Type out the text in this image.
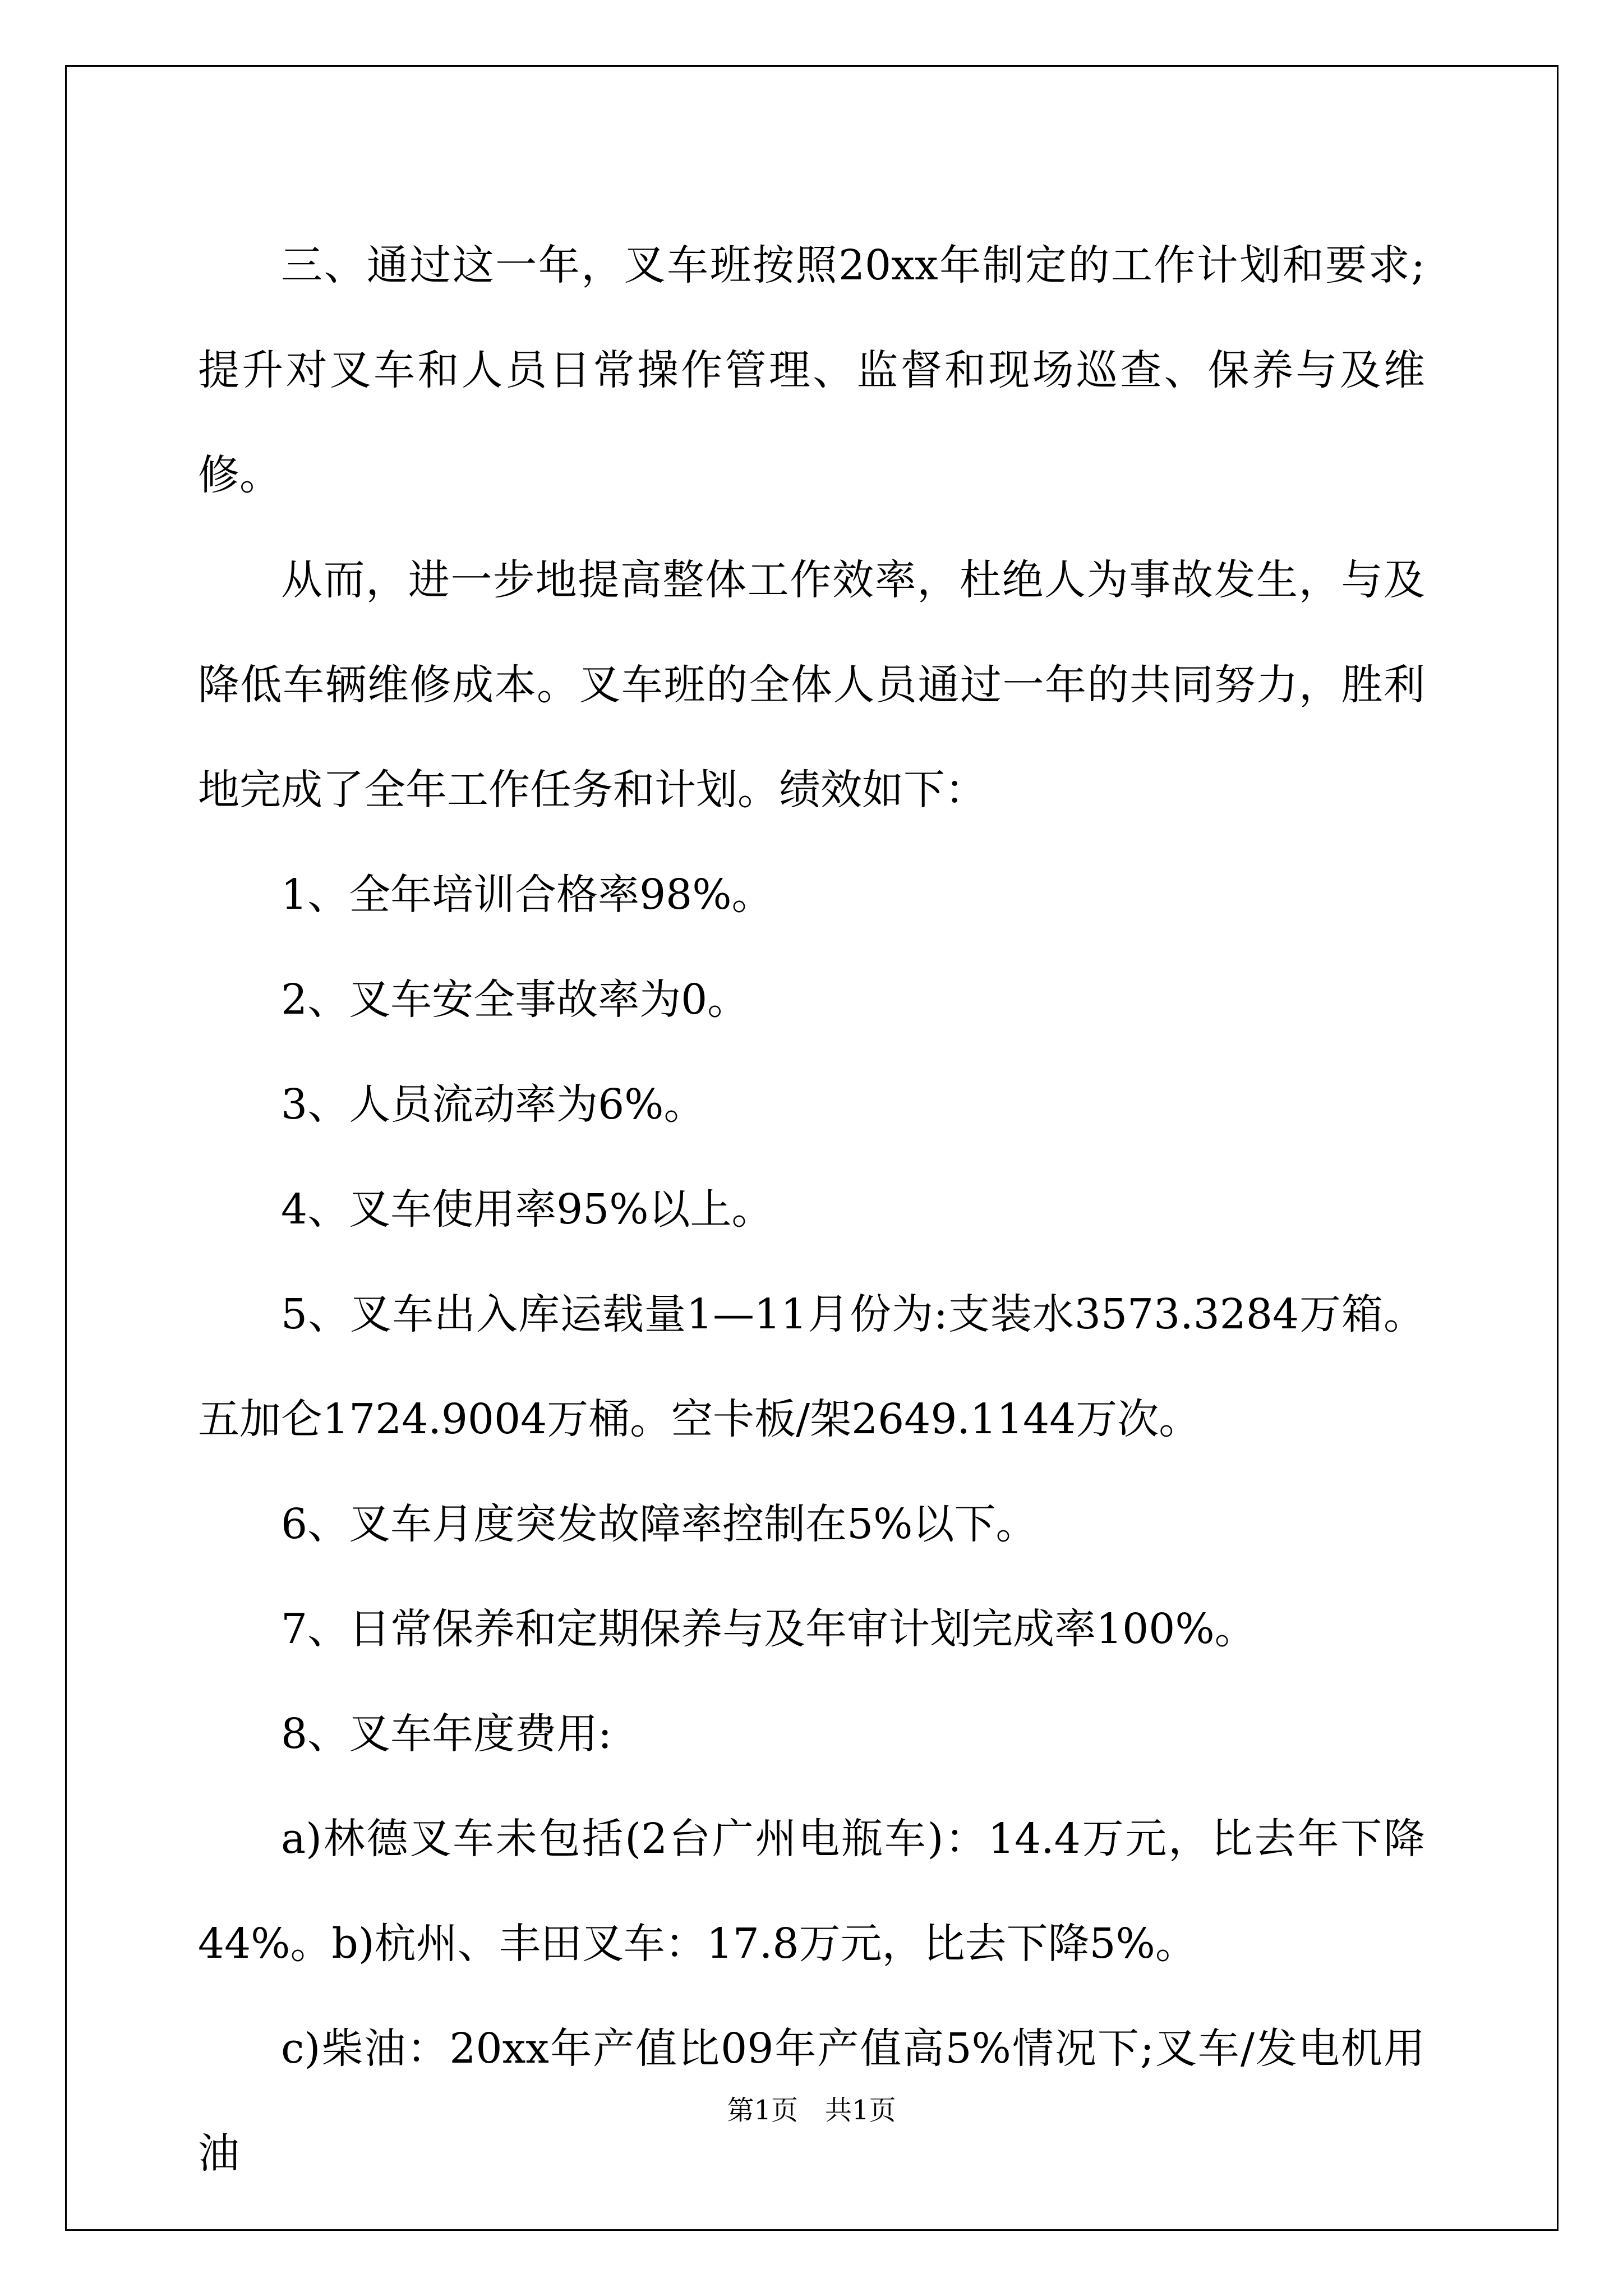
三、通过这一年，叉车班按照20xx年制定的工作计划和要求;提升对叉车和人员日常操作管理、监督和现场巡查、保养与及维修。

从而，进一步地提高整体工作效率，杜绝人为事故发生，与及降低车辆维修成本。叉车班的全体人员通过一年的共同努力，胜利地完成了全年工作任务和计划。绩效如下：

1、全年培训合格率98%。

2、叉车安全事故率为0。

3、人员流动率为6%。

4、叉车使用率95%以上。

5、叉车出入库运载量1—11月份为:支装水3573.3284万箱。五加仑1724.9004万桶。空卡板/架2649.1144万次。

6、叉车月度突发故障率控制在5%以下。

7、日常保养和定期保养与及年审计划完成率100%。

8、叉车年度费用:

a)林德叉车未包括(2台广州电瓶车)：14.4万元，比去年下降44%。b)杭州、丰田叉车：17.8万元，比去下降5%。

c)柴油：20xx年产值比09年产值高5%情况下;叉车/发电机用油

第1页　共1页
